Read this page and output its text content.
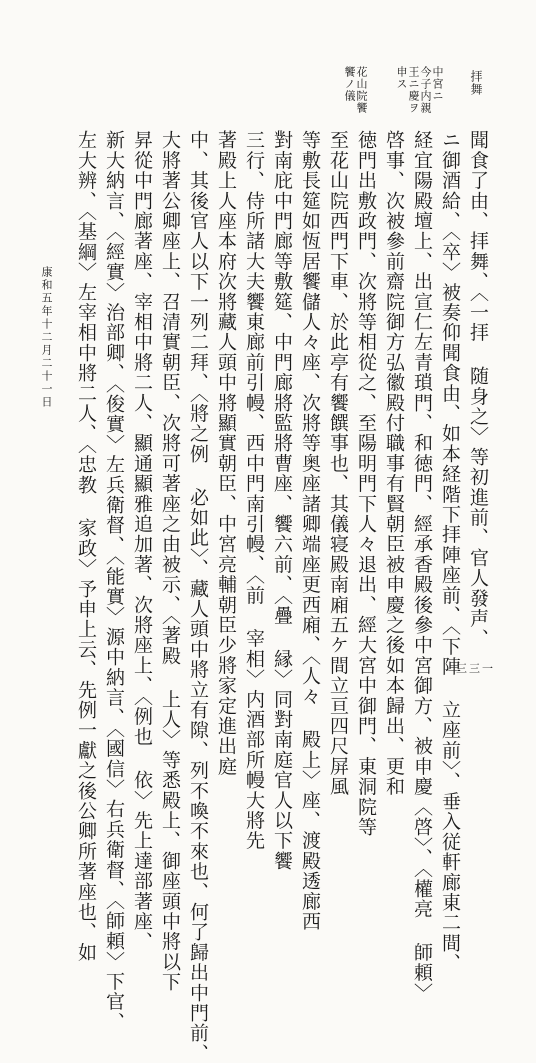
拝舞
中宮ニ
今子内親
王ニ慶ヲ
申ス
花山院饗
饗ノ儀
聞食了由、拝舞、〈一拝 随身之〉等初進前、官人發声、
ニ御酒給、〈卒〉被奏仰聞食由、如本経階下拝陣座前、〈下陣 立座前〉、垂入従軒廊東二間、
経宜陽殿壇上、出宣仁左青瑣門、和徳門、經承香殿後參中宮御方、被申慶〈啓〉、〈權亮 師頼〉
啓事、次被參前齋院御方弘徽殿付職事有賢朝臣被申慶之後如本歸出、更和
徳門出敷政門、次將等相從之、至陽明門下人々退出、經大宮中御門、東洞院等
至花山院西門下車、於此亭有饗饌事也、其儀寝殿南廂五ケ間立亘四尺屏風
等敷長筵如恆居饗儲人々座、次將等奥座諸卿端座更西廂、〈人々 殿上〉座、渡殿透廊西
對南庇中門廊等敷筵、中門廊將監將曹座、饗六前、〈疊 縁〉同對南庭官人以下饗
三行、侍所諸大夫饗東廊前引幔、西中門南引幔、〈前 宰相〉内酒部所幔大將先
著殿上人座本府次將藏人頭中將顯實朝臣、中宮亮輔朝臣少將家定進出庭
中、其後官人以下一列二拜、〈將之例 必如此〉、藏人頭中將立有隙、列不喚不來也、何了歸出中門前、
大將著公卿座上、召清實朝臣、次將可著座之由被示、〈著殿 上人〉等悉殿上、御座頭中將以下
昇從中門廊著座、宰相中將二人、顯通顯雅追加著、次將座上、〈例也 依〉先上達部著座、
新大納言、〈經實〉治部卿、〈俊實〉左兵衛督、〈能實〉源中納言、〈國信〉右兵衛督、〈師頼〉下官、
左大辨、〈基綱〉左宰相中將二人、〈忠教 家政〉予申上云、先例一獻之後公卿所著座也、如
康和五年十二月二十一日
三三一
